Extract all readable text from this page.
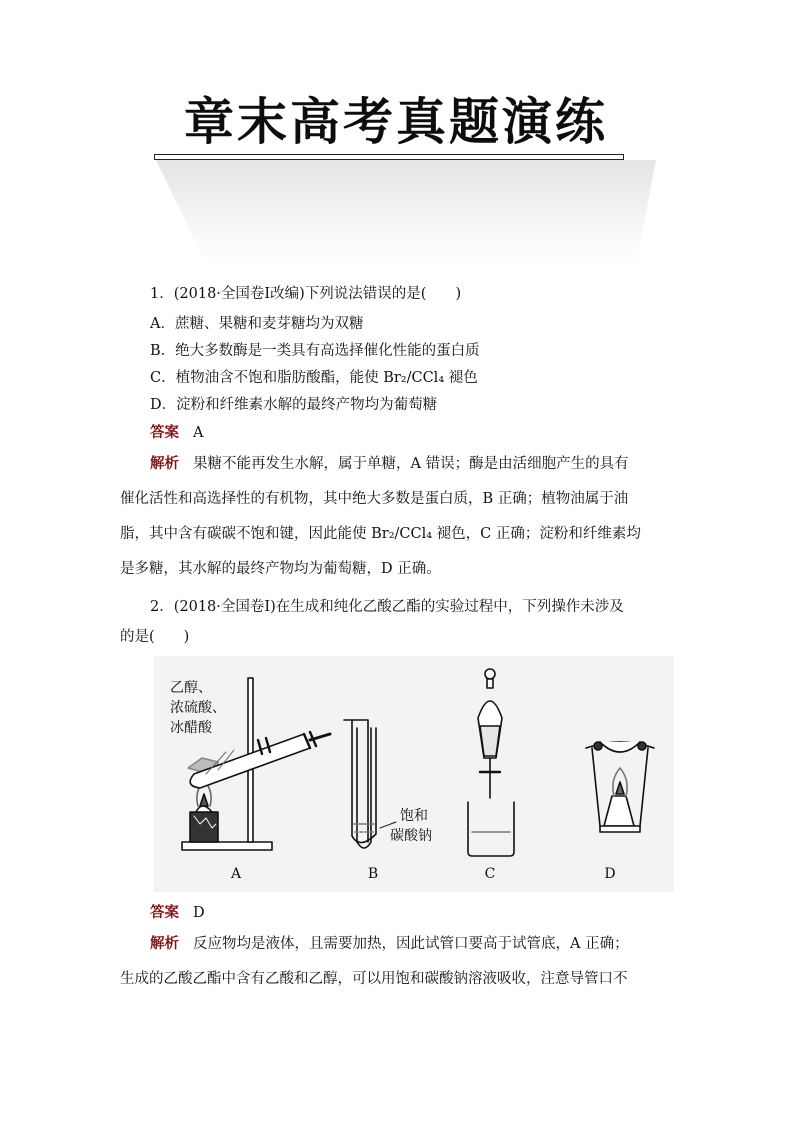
章末高考真题演练
1．(2018·全国卷Ⅰ改编)下列说法错误的是(　　)
A．蔗糖、果糖和麦芽糖均为双糖
B．绝大多数酶是一类具有高选择催化性能的蛋白质
C．植物油含不饱和脂肪酸酯，能使 Br₂/CCl₄ 褪色
D．淀粉和纤维素水解的最终产物均为葡萄糖
答案 A
解析 果糖不能再发生水解，属于单糖，A 错误；酶是由活细胞产生的具有
催化活性和高选择性的有机物，其中绝大多数是蛋白质，B 正确；植物油属于油
脂，其中含有碳碳不饱和键，因此能使 Br₂/CCl₄ 褪色，C 正确；淀粉和纤维素均
是多糖，其水解的最终产物均为葡萄糖，D 正确。
2．(2018·全国卷Ⅰ)在生成和纯化乙酸乙酯的实验过程中，下列操作未涉及
的是(　　)
乙醇、
浓硫酸、
冰醋酸
饱和
碳酸钠
A	B	C	D
答案 D
解析 反应物均是液体，且需要加热，因此试管口要高于试管底，A 正确；
生成的乙酸乙酯中含有乙酸和乙醇，可以用饱和碳酸钠溶液吸收，注意导管口不
